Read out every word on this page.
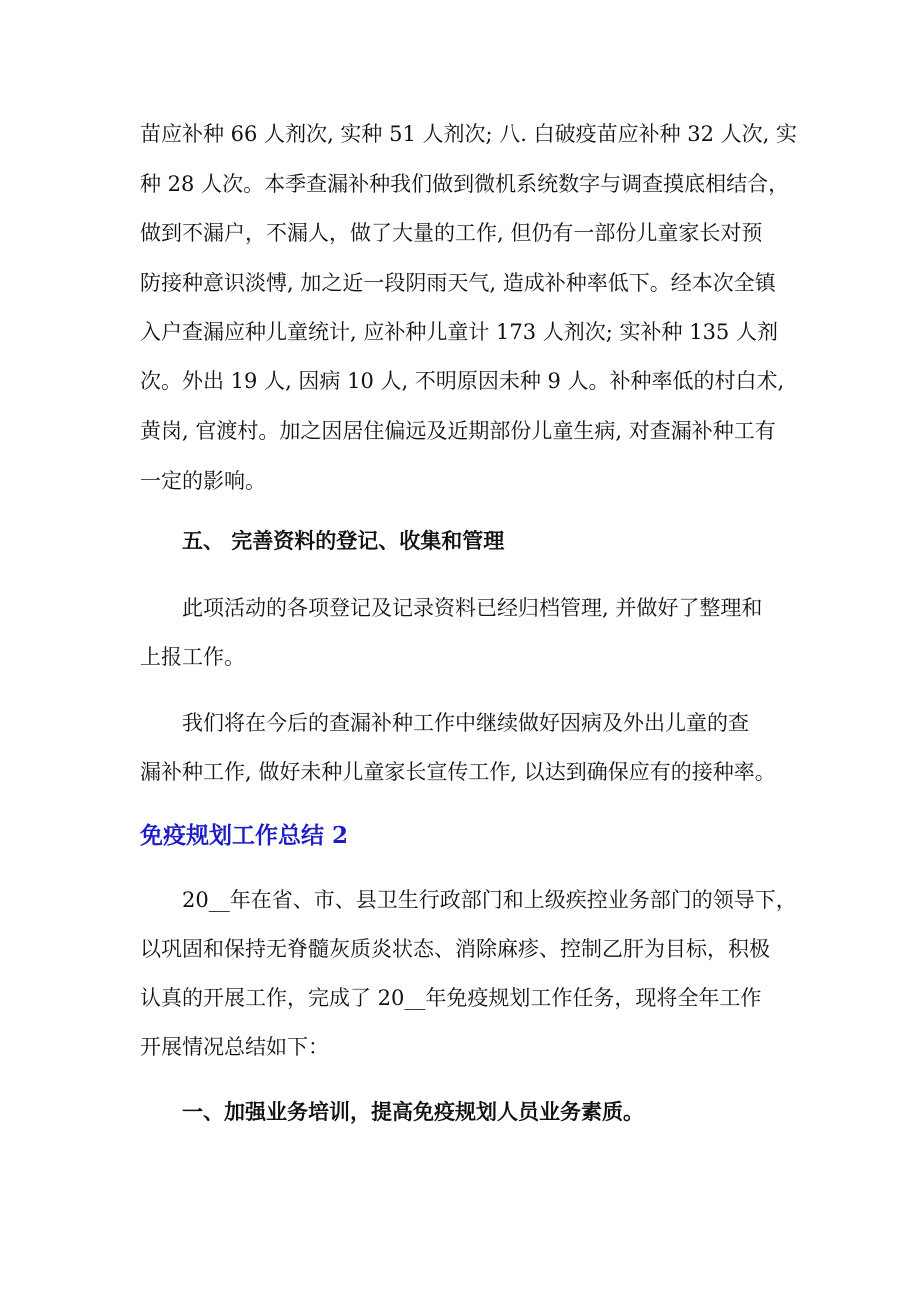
苗应补种 66 人剂次, 实种 51 人剂次; 八. 白破疫苗应补种 32 人次, 实
种 28 人次。本季查漏补种我们做到微机系统数字与调查摸底相结合，
做到不漏户，不漏人，做了大量的工作, 但仍有一部份儿童家长对预
防接种意识淡愽, 加之近一段阴雨天气, 造成补种率低下。经本次全镇
入户查漏应种儿童统计, 应补种儿童计 173 人剂次; 实补种 135 人剂
次。外出 19 人, 因病 10 人, 不明原因未种 9 人。补种率低的村白术,
黄岗, 官渡村。加之因居住偏远及近期部份儿童生病, 对查漏补种工有
一定的影响。
五、 完善资料的登记、收集和管理
此项活动的各项登记及记录资料已经归档管理, 并做好了整理和
上报工作。
我们将在今后的查漏补种工作中继续做好因病及外出儿童的查
漏补种工作, 做好未种儿童家长宣传工作, 以达到确保应有的接种率。
免疫规划工作总结 2
20__年在省、市、县卫生行政部门和上级疾控业务部门的领导下，
以巩固和保持无脊髓灰质炎状态、消除麻疹、控制乙肝为目标，积极
认真的开展工作，完成了 20__年免疫规划工作任务，现将全年工作
开展情况总结如下：
一、加强业务培训，提高免疫规划人员业务素质。
